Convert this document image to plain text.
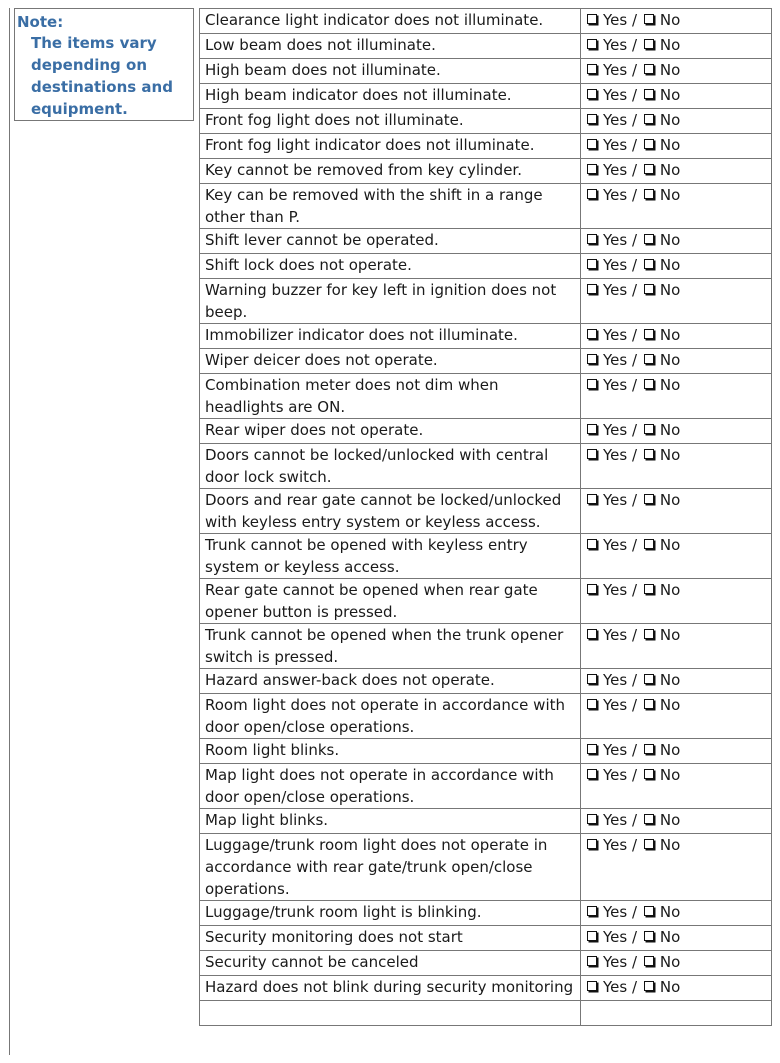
Note:
The items vary
depending on
destinations and
equipment.
Clearance light indicator does not illuminate.	Yes / No
Low beam does not illuminate.	Yes / No
High beam does not illuminate.	Yes / No
High beam indicator does not illuminate.	Yes / No
Front fog light does not illuminate.	Yes / No
Front fog light indicator does not illuminate.	Yes / No
Key cannot be removed from key cylinder.	Yes / No
Key can be removed with the shift in a range other than P.	Yes / No
Shift lever cannot be operated.	Yes / No
Shift lock does not operate.	Yes / No
Warning buzzer for key left in ignition does not beep.	Yes / No
Immobilizer indicator does not illuminate.	Yes / No
Wiper deicer does not operate.	Yes / No
Combination meter does not dim when headlights are ON.	Yes / No
Rear wiper does not operate.	Yes / No
Doors cannot be locked/unlocked with central door lock switch.	Yes / No
Doors and rear gate cannot be locked/unlocked with keyless entry system or keyless access.	Yes / No
Trunk cannot be opened with keyless entry system or keyless access.	Yes / No
Rear gate cannot be opened when rear gate opener button is pressed.	Yes / No
Trunk cannot be opened when the trunk opener switch is pressed.	Yes / No
Hazard answer-back does not operate.	Yes / No
Room light does not operate in accordance with door open/close operations.	Yes / No
Room light blinks.	Yes / No
Map light does not operate in accordance with door open/close operations.	Yes / No
Map light blinks.	Yes / No
Luggage/trunk room light does not operate in accordance with rear gate/trunk open/close operations.	Yes / No
Luggage/trunk room light is blinking.	Yes / No
Security monitoring does not start	Yes / No
Security cannot be canceled	Yes / No
Hazard does not blink during security monitoring	Yes / No
